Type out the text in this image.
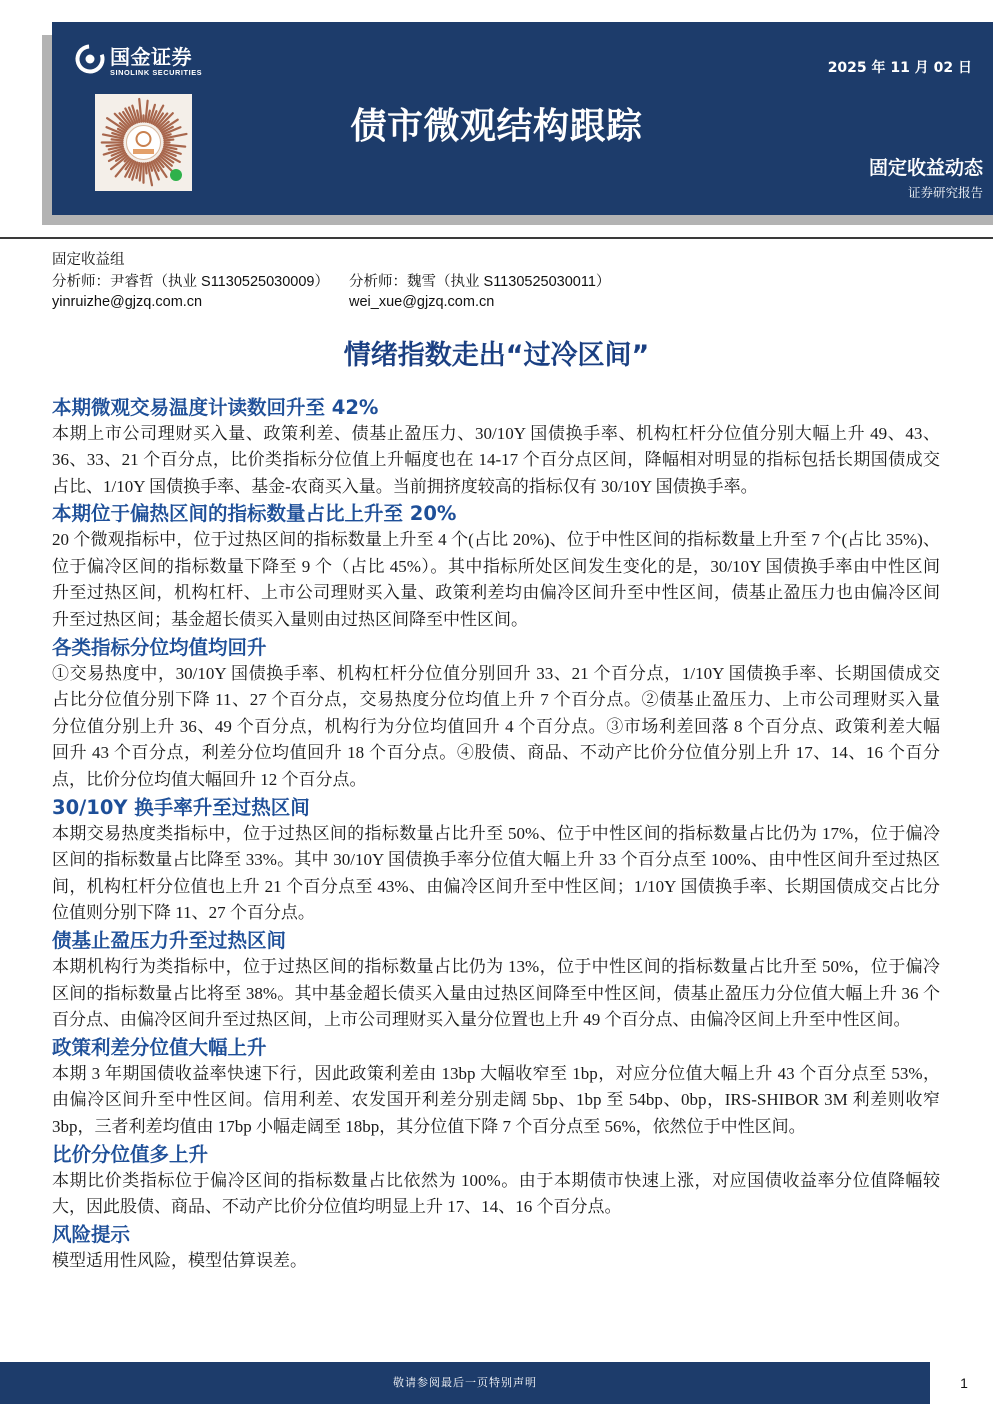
国金证券
SINOLINK SECURITIES	2025 年 11 月 02 日
债市微观结构跟踪
固定收益动态
证券研究报告
固定收益组
分析师：尹睿哲（执业 S1130525030009） 分析师：魏雪（执业 S1130525030011）
yinruizhe@gjzq.com.cn	wei_xue@gjzq.com.cn
情绪指数走出“过冷区间”
本期微观交易温度计读数回升至 42%
本期上市公司理财买入量、政策利差、债基止盈压力、30/10Y 国债换手率、机构杠杆分位值分别大幅上升 49、43、
36、33、21 个百分点，比价类指标分位值上升幅度也在 14-17 个百分点区间，降幅相对明显的指标包括长期国债成交
占比、1/10Y 国债换手率、基金-农商买入量。当前拥挤度较高的指标仅有 30/10Y 国债换手率。
本期位于偏热区间的指标数量占比上升至 20%
20 个微观指标中，位于过热区间的指标数量上升至 4 个(占比 20%)、位于中性区间的指标数量上升至 7 个(占比 35%)、
位于偏冷区间的指标数量下降至 9 个（占比 45%）。其中指标所处区间发生变化的是，30/10Y 国债换手率由中性区间
升至过热区间，机构杠杆、上市公司理财买入量、政策利差均由偏冷区间升至中性区间，债基止盈压力也由偏冷区间
升至过热区间；基金超长债买入量则由过热区间降至中性区间。
各类指标分位均值均回升
①交易热度中，30/10Y 国债换手率、机构杠杆分位值分别回升 33、21 个百分点，1/10Y 国债换手率、长期国债成交
占比分位值分别下降 11、27 个百分点，交易热度分位均值上升 7 个百分点。②债基止盈压力、上市公司理财买入量
分位值分别上升 36、49 个百分点，机构行为分位均值回升 4 个百分点。③市场利差回落 8 个百分点、政策利差大幅
回升 43 个百分点，利差分位均值回升 18 个百分点。④股债、商品、不动产比价分位值分别上升 17、14、16 个百分
点，比价分位均值大幅回升 12 个百分点。
30/10Y 换手率升至过热区间
本期交易热度类指标中，位于过热区间的指标数量占比升至 50%、位于中性区间的指标数量占比仍为 17%，位于偏冷
区间的指标数量占比降至 33%。其中 30/10Y 国债换手率分位值大幅上升 33 个百分点至 100%、由中性区间升至过热区
间，机构杠杆分位值也上升 21 个百分点至 43%、由偏冷区间升至中性区间；1/10Y 国债换手率、长期国债成交占比分
位值则分别下降 11、27 个百分点。
债基止盈压力升至过热区间
本期机构行为类指标中，位于过热区间的指标数量占比仍为 13%，位于中性区间的指标数量占比升至 50%，位于偏冷
区间的指标数量占比将至 38%。其中基金超长债买入量由过热区间降至中性区间，债基止盈压力分位值大幅上升 36 个
百分点、由偏冷区间升至过热区间，上市公司理财买入量分位置也上升 49 个百分点、由偏冷区间上升至中性区间。
政策利差分位值大幅上升
本期 3 年期国债收益率快速下行，因此政策利差由 13bp 大幅收窄至 1bp，对应分位值大幅上升 43 个百分点至 53%，
由偏冷区间升至中性区间。信用利差、农发国开利差分别走阔 5bp、1bp 至 54bp、0bp，IRS-SHIBOR 3M 利差则收窄
3bp，三者利差均值由 17bp 小幅走阔至 18bp，其分位值下降 7 个百分点至 56%，依然位于中性区间。
比价分位值多上升
本期比价类指标位于偏冷区间的指标数量占比依然为 100%。由于本期债市快速上涨，对应国债收益率分位值降幅较
大，因此股债、商品、不动产比价分位值均明显上升 17、14、16 个百分点。
风险提示
模型适用性风险，模型估算误差。
敬请参阅最后一页特别声明	1
